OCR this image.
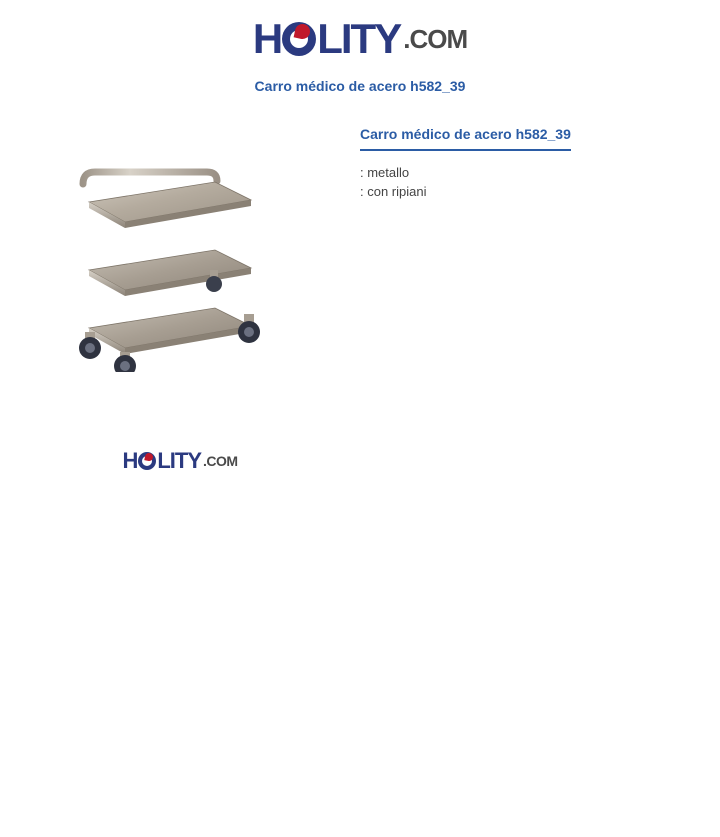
H LITY .COM
Carro médico de acero h582_39
H LITY .COM
Carro médico de acero h582_39
: metallo
: con ripiani
